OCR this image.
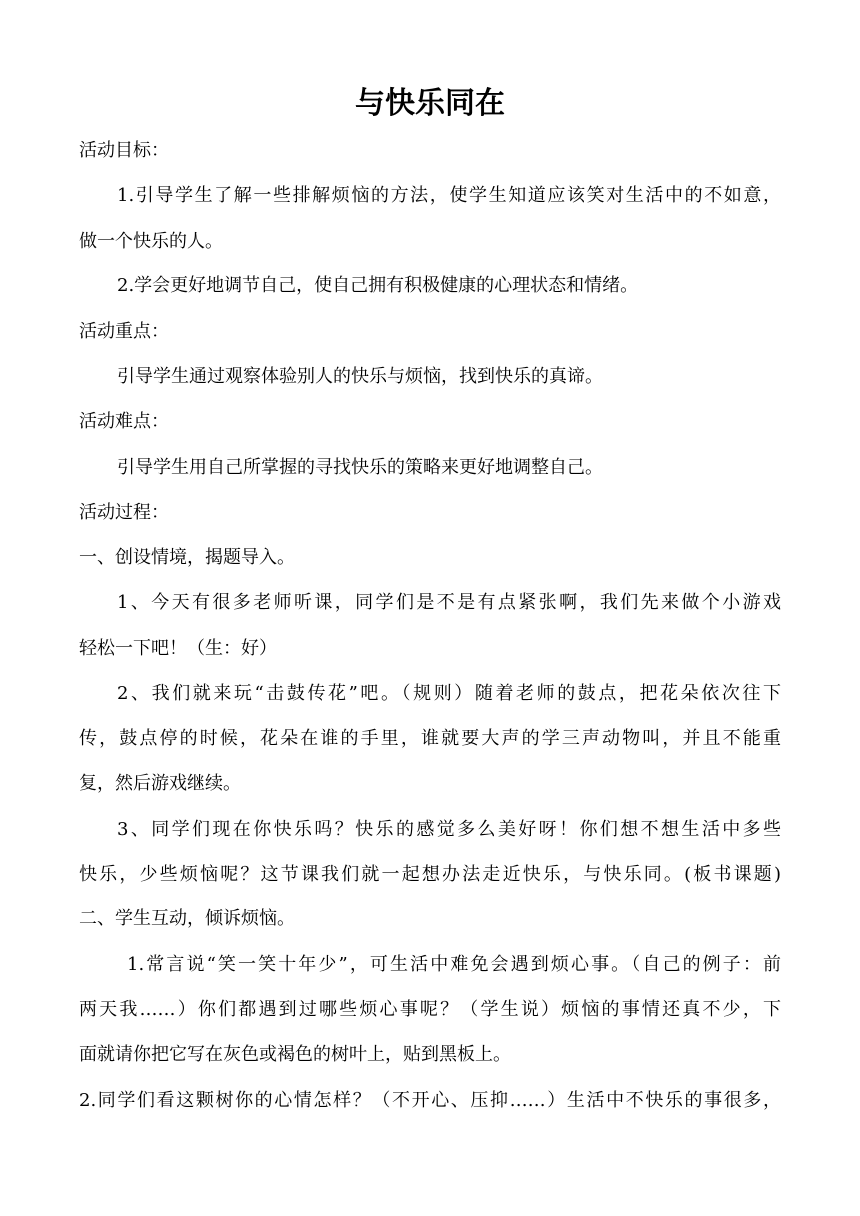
与快乐同在
活动目标：
1.引导学生了解一些排解烦恼的方法，使学生知道应该笑对生活中的不如意，
做一个快乐的人。
2.学会更好地调节自己，使自己拥有积极健康的心理状态和情绪。
活动重点：
引导学生通过观察体验别人的快乐与烦恼，找到快乐的真谛。
活动难点：
引导学生用自己所掌握的寻找快乐的策略来更好地调整自己。
活动过程：
一、创设情境，揭题导入。
1、今天有很多老师听课，同学们是不是有点紧张啊，我们先来做个小游戏
轻松一下吧！（生：好）
2、我们就来玩“击鼓传花”吧。（规则）随着老师的鼓点，把花朵依次往下
传，鼓点停的时候，花朵在谁的手里，谁就要大声的学三声动物叫，并且不能重
复，然后游戏继续。
3、同学们现在你快乐吗？快乐的感觉多么美好呀！你们想不想生活中多些
快乐，少些烦恼呢？这节课我们就一起想办法走近快乐，与快乐同。(板书课题)
二、学生互动，倾诉烦恼。
1.常言说“笑一笑十年少”，可生活中难免会遇到烦心事。（自己的例子：前
两天我……）你们都遇到过哪些烦心事呢？（学生说）烦恼的事情还真不少，下
面就请你把它写在灰色或褐色的树叶上，贴到黑板上。
2.同学们看这颗树你的心情怎样？（不开心、压抑……）生活中不快乐的事很多，
